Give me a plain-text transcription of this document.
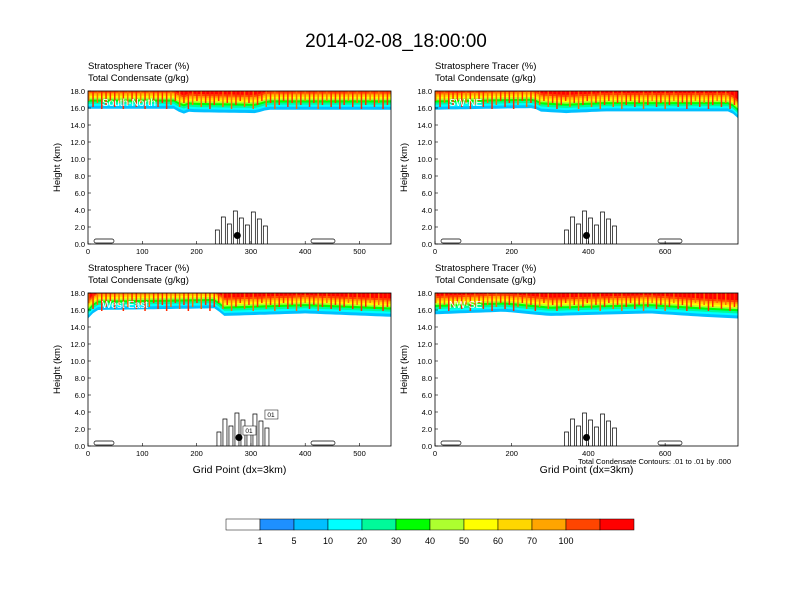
2014-02-08_18:00:00
0.0
2.0
4.0
6.0
8.0
10.0
12.0
14.0
16.0
18.0
0	100	200	300	400	500
Height (km)
South-North
0.0
2.0
4.0
6.0
8.0
10.0
12.0
14.0
16.0
18.0
0	200	400	600
Height (km)
SW-NE
01
01
0.0
2.0
4.0
6.0
8.0
10.0
12.0
14.0
16.0
18.0
0	100	200	300	400	500
Height (km)
Grid Point (dx=3km)
West-East
0.0
2.0
4.0
6.0
8.0
10.0
12.0
14.0
16.0
18.0
0	200	400	600
Height (km)
Grid Point (dx=3km)
NW-SE
1	5	10	20	30	40	50	60	70 100
Total Condensate Contours: .01 to .01 by .000
Stratosphere Tracer (%)
Total Condensate (g/kg)
Stratosphere Tracer (%)
Total Condensate (g/kg)
Stratosphere Tracer (%)
Total Condensate (g/kg)
Stratosphere Tracer (%)
Total Condensate (g/kg)
